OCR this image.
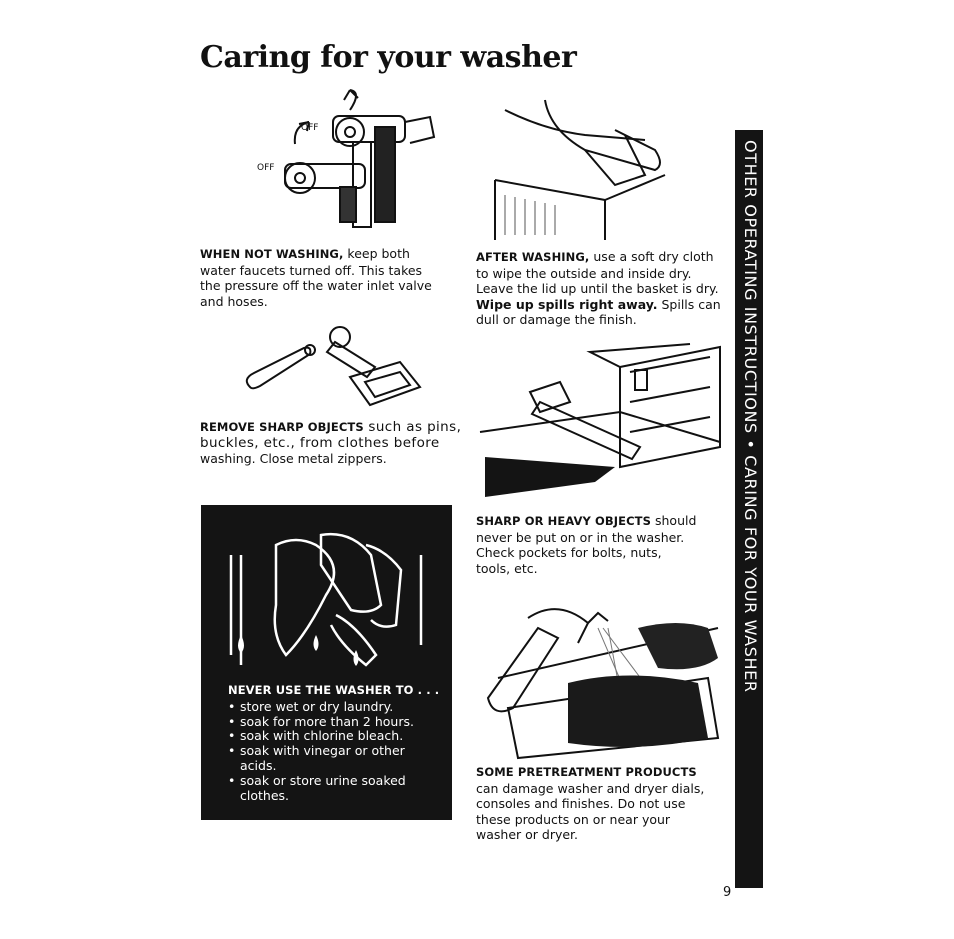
Caring for your washer
OFF
OFF

WHEN NOT WASHING, keep both

water faucets turned off. This takes

the pressure off the water inlet valve

and hoses.

AFTER WASHING, use a soft dry cloth

to wipe the outside and inside dry.

Leave the lid up until the basket is dry.

Wipe up spills right away. Spills can

dull or damage the finish.

REMOVE SHARP OBJECTS such as pins,

buckles, etc., from clothes before

washing. Close metal zippers.

SHARP OR HEAVY OBJECTS should

never be put on or in the washer.

Check pockets for bolts, nuts,

tools, etc.

NEVER USE THE WASHER TO . . .

• store wet or dry laundry.
• soak for more than 2 hours.
• soak with chlorine bleach.
• soak with vinegar or other acids.
• soak or store urine soaked clothes.

SOME PRETREATMENT PRODUCTS

can damage washer and dryer dials,

consoles and finishes. Do not use

these products on or near your

washer or dryer.

OTHER OPERATING INSTRUCTIONS • CARING FOR YOUR WASHER
9
